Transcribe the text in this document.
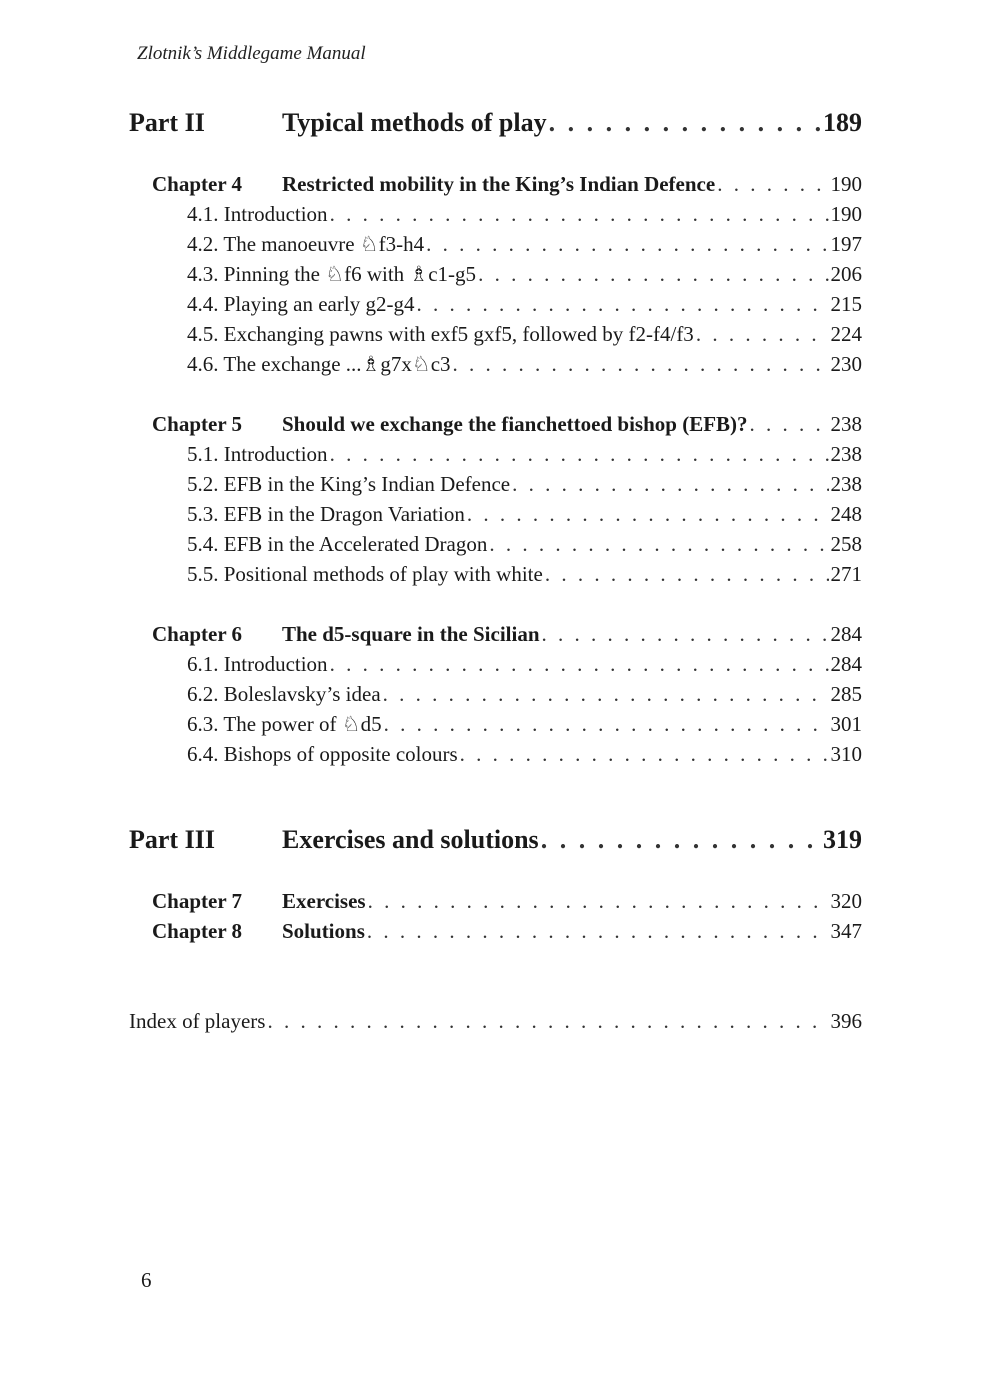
Zlotnik’s Middlegame Manual
Part II	Typical methods of play . . .	189
Chapter 4 Restricted mobility in the King’s Indian Defence . . .	190
4.1. Introduction . . .	190
4.2. The manoeuvre ♘f3-h4 . . .	197
4.3. Pinning the ♘f6 with ♗c1-g5 . . .	206
4.4. Playing an early g2-g4 . . .	215
4.5. Exchanging pawns with exf5 gxf5, followed by f2-f4/f3 . . .	224
4.6. The exchange ...♗g7x♘c3 . . .	230
Chapter 5 Should we exchange the fianchettoed bishop (EFB)? . . .	238
5.1. Introduction . . .	238
5.2. EFB in the King’s Indian Defence . . .	238
5.3. EFB in the Dragon Variation . . .	248
5.4. EFB in the Accelerated Dragon . . .	258
5.5. Positional methods of play with white . . .	271
Chapter 6 The d5-square in the Sicilian . . .	284
6.1. Introduction . . .	284
6.2. Boleslavsky’s idea . . .	285
6.3. The power of ♘d5 . . .	301
6.4. Bishops of opposite colours . . .	310
Part III	Exercises and solutions . . .	319
Chapter 7 Exercises . . .	320
Chapter 8 Solutions . . .	347
Index of players . . .	396
6
